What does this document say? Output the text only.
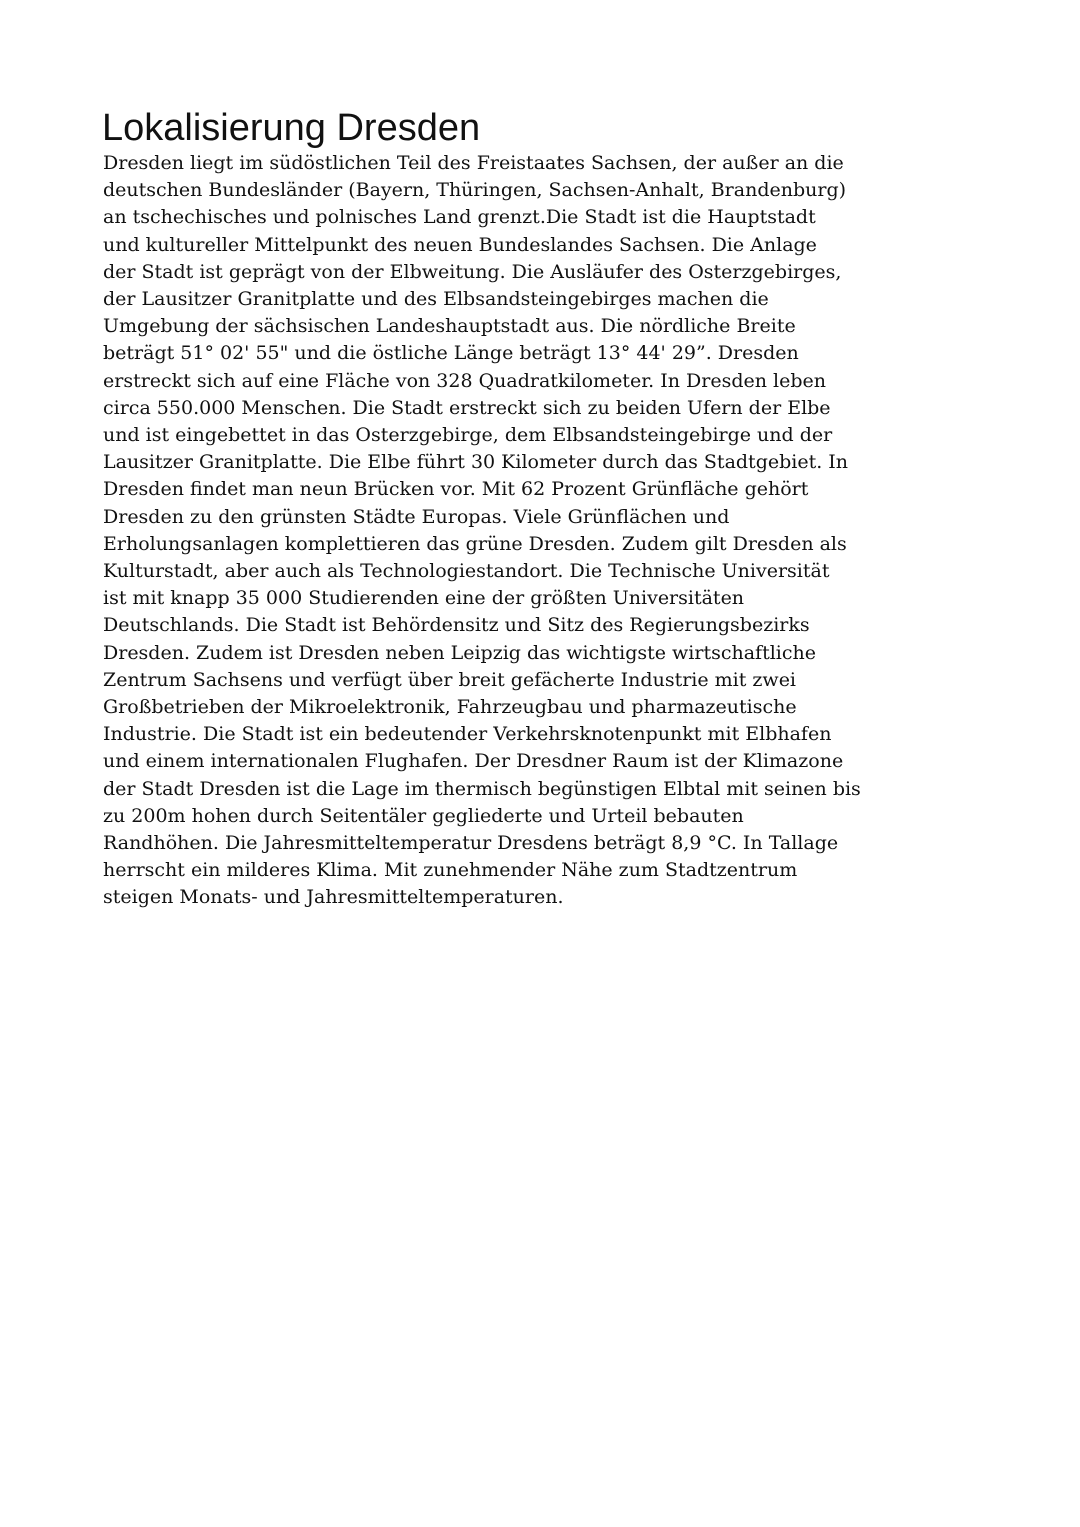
Lokalisierung Dresden
Dresden liegt im südöstlichen Teil des Freistaates Sachsen, der außer an die
deutschen Bundesländer (Bayern, Thüringen, Sachsen-Anhalt, Brandenburg)
an tschechisches und polnisches Land grenzt.Die Stadt ist die Hauptstadt
und kultureller Mittelpunkt des neuen Bundeslandes Sachsen. Die Anlage
der Stadt ist geprägt von der Elbweitung. Die Ausläufer des Osterzgebirges,
der Lausitzer Granitplatte und des Elbsandsteingebirges machen die
Umgebung der sächsischen Landeshauptstadt aus. Die nördliche Breite
beträgt 51° 02' 55" und die östliche Länge beträgt 13° 44' 29”. Dresden
erstreckt sich auf eine Fläche von 328 Quadratkilometer. In Dresden leben
circa 550.000 Menschen. Die Stadt erstreckt sich zu beiden Ufern der Elbe
und ist eingebettet in das Osterzgebirge, dem Elbsandsteingebirge und der
Lausitzer Granitplatte. Die Elbe führt 30 Kilometer durch das Stadtgebiet. In
Dresden findet man neun Brücken vor. Mit 62 Prozent Grünfläche gehört
Dresden zu den grünsten Städte Europas. Viele Grünflächen und
Erholungsanlagen komplettieren das grüne Dresden. Zudem gilt Dresden als
Kulturstadt, aber auch als Technologiestandort. Die Technische Universität
ist mit knapp 35 000 Studierenden eine der größten Universitäten
Deutschlands. Die Stadt ist Behördensitz und Sitz des Regierungsbezirks
Dresden. Zudem ist Dresden neben Leipzig das wichtigste wirtschaftliche
Zentrum Sachsens und verfügt über breit gefächerte Industrie mit zwei
Großbetrieben der Mikroelektronik, Fahrzeugbau und pharmazeutische
Industrie. Die Stadt ist ein bedeutender Verkehrsknotenpunkt mit Elbhafen
und einem internationalen Flughafen. Der Dresdner Raum ist der Klimazone
der Stadt Dresden ist die Lage im thermisch begünstigen Elbtal mit seinen bis
zu 200m hohen durch Seitentäler gegliederte und Urteil bebauten
Randhöhen. Die Jahresmitteltemperatur Dresdens beträgt 8,9 °C. In Tallage
herrscht ein milderes Klima. Mit zunehmender Nähe zum Stadtzentrum
steigen Monats- und Jahresmitteltemperaturen.
